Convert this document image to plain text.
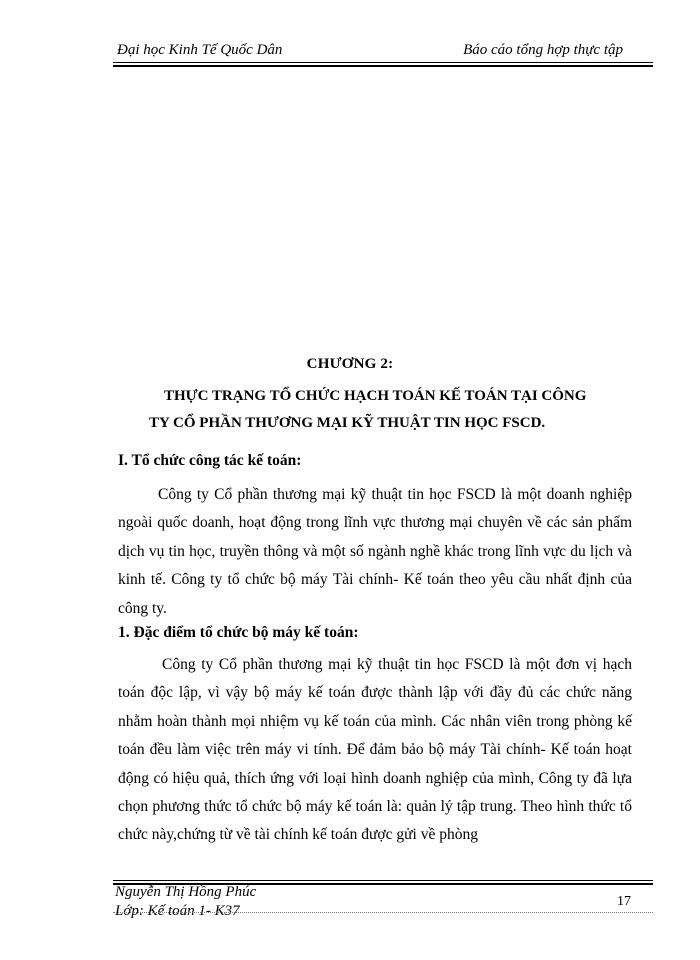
Đại học Kinh Tế Quốc Dân	Báo cáo tổng hợp thực tập
CHƯƠNG 2:
THỰC TRẠNG TỔ CHỨC HẠCH TOÁN KẾ TOÁN TẠI CÔNG
TY CỔ PHẦN THƯƠNG MẠI KỸ THUẬT TIN HỌC FSCD.
I. Tổ chức công tác kế toán:
Công ty Cổ phần thương mại kỹ thuật tin học FSCD là một doanh nghiệp ngoài quốc doanh, hoạt động trong lĩnh vực thương mại chuyên về các sản phẩm dịch vụ tin học, truyền thông và một số ngành nghề khác trong lĩnh vực du lịch và kinh tế. Công ty tổ chức bộ máy Tài chính- Kế toán theo yêu cầu nhất định của công ty.
1. Đặc điểm tổ chức bộ máy kế toán:
Công ty Cổ phần thương mại kỹ thuật tin học FSCD là một đơn vị hạch toán độc lập, vì vậy bộ máy kế toán được thành lập với đầy đủ các chức năng nhằm hoàn thành mọi nhiệm vụ kế toán của mình. Các nhân viên trong phòng kế toán đều làm việc trên máy vi tính. Để đảm bảo bộ máy Tài chính- Kế toán hoạt động có hiệu quả, thích ứng với loại hình doanh nghiệp của mình, Công ty đã lựa chọn phương thức tổ chức bộ máy kế toán là: quản lý tập trung. Theo hình thức tổ chức này,chứng từ về tài chính kế toán được gửi về phòng
Nguyễn Thị Hồng Phúc
Lớp: Kế toán 1- K37
17
